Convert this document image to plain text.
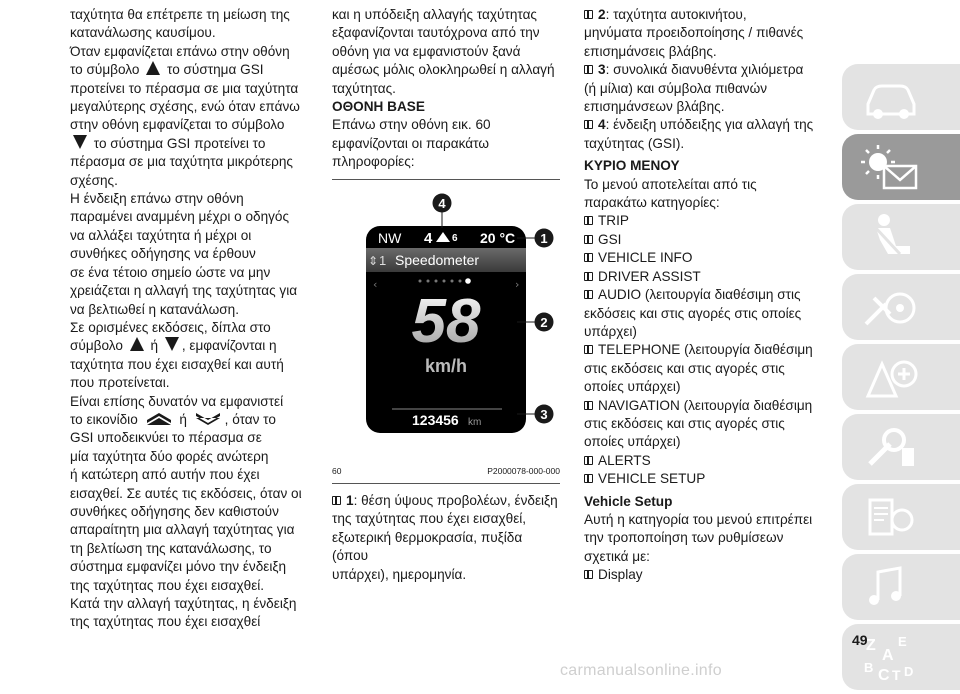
ταχύτητα θα επέτρεπε τη μείωση της

κατανάλωσης καυσίμου.

Όταν εμφανίζεται επάνω στην οθόνη

το σύμβολο το σύστημα GSI

προτείνει το πέρασμα σε μια ταχύτητα

μεγαλύτερης σχέσης, ενώ όταν επάνω

στην οθόνη εμφανίζεται το σύμβολο

το σύστημα GSI προτείνει το

πέρασμα σε μια ταχύτητα μικρότερης

σχέσης.

Η ένδειξη επάνω στην οθόνη

παραμένει αναμμένη μέχρι ο οδηγός

να αλλάξει ταχύτητα ή μέχρι οι

συνθήκες οδήγησης να έρθουν

σε ένα τέτοιο σημείο ώστε να μην

χρειάζεται η αλλαγή της ταχύτητας για

να βελτιωθεί η κατανάλωση.

Σε ορισμένες εκδόσεις, δίπλα στο

σύμβολο ή , εμφανίζονται η

ταχύτητα που έχει εισαχθεί και αυτή

που προτείνεται.

Είναι επίσης δυνατόν να εμφανιστεί

το εικονίδιο	ή	, όταν το

GSI υποδεικνύει το πέρασμα σε

μία ταχύτητα δύο φορές ανώτερη

ή κατώτερη από αυτήν που έχει

εισαχθεί. Σε αυτές τις εκδόσεις, όταν οι

συνθήκες οδήγησης δεν καθιστούν

απαραίτητη μια αλλαγή ταχύτητας για

τη βελτίωση της κατανάλωσης, το

σύστημα εμφανίζει μόνο την ένδειξη

της ταχύτητας που έχει εισαχθεί.

Κατά την αλλαγή ταχύτητας, η ένδειξη

της ταχύτητας που έχει εισαχθεί

και η υπόδειξη αλλαγής ταχύτητας

εξαφανίζονται ταυτόχρονα από την

οθόνη για να εμφανιστούν ξανά

αμέσως μόλις ολοκληρωθεί η αλλαγή

ταχύτητας.

ΟΘΟΝΗ BASE

Επάνω στην οθόνη εικ. 60

εμφανίζονται οι παρακάτω

πληροφορίες:

NW 4 6 20 °C
⇕ 1 Speedometer
‹	›
58
km/h
123456 km
4
1
2
3
60	P2000078-000-000

1: θέση ύψους προβολέων, ένδειξη

της ταχύτητας που έχει εισαχθεί,

εξωτερική θερμοκρασία, πυξίδα (όπου

υπάρχει), ημερομηνία.

2: ταχύτητα αυτοκινήτου,

μηνύματα προειδοποίησης / πιθανές

επισημάνσεις βλάβης.

3: συνολικά διανυθέντα χιλιόμετρα

(ή μίλια) και σύμβολα πιθανών

επισημάνσεων βλάβης.

4: ένδειξη υπόδειξης για αλλαγή της

ταχύτητας (GSI).

ΚΥΡΙΟ ΜΕΝΟΥ

Το μενού αποτελείται από τις

παρακάτω κατηγορίες:

TRIP

GSI

VEHICLE INFO

DRIVER ASSIST

AUDIO (λειτουργία διαθέσιμη στις

εκδόσεις και στις αγορές στις οποίες

υπάρχει)

TELEPHONE (λειτουργία διαθέσιμη

στις εκδόσεις και στις αγορές στις

οποίες υπάρχει)

NAVIGATION (λειτουργία διαθέσιμη

στις εκδόσεις και στις αγορές στις

οποίες υπάρχει)

ALERTS

VEHICLE SETUP

Vehicle Setup

Αυτή η κατηγορία του μενού επιτρέπει

την τροποποίηση των ρυθμίσεων

σχετικά με:

Display

Z E
A
B C D
T
49
carmanualsonline.info
